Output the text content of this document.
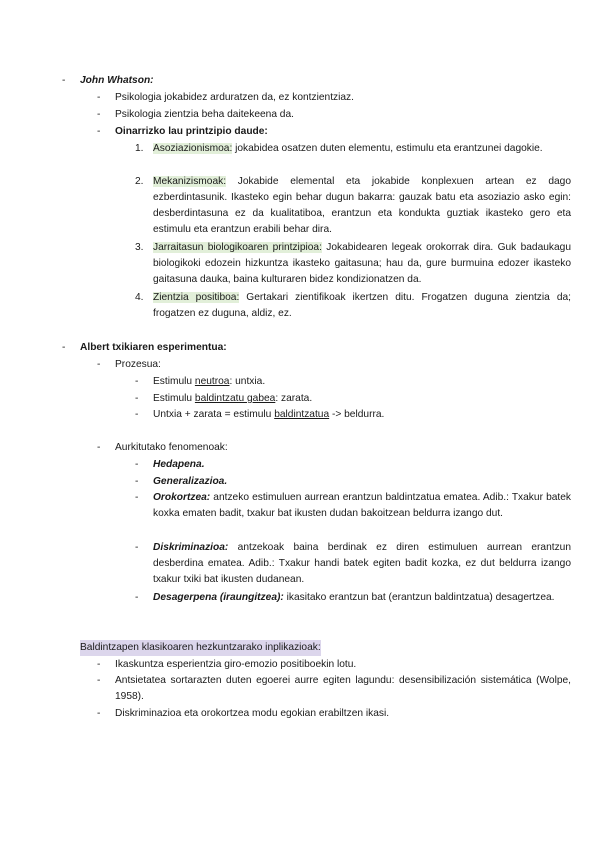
- John Whatson:
- Psikologia jokabidez arduratzen da, ez kontzientziaz.
- Psikologia zientzia beha daitekeena da.
- Oinarrizko lau printzipio daude:
1. Asoziazionismoa: jokabidea osatzen duten elementu, estimulu eta erantzunei dagokie.
2. Mekanizismoak: Jokabide elemental eta jokabide konplexuen artean ez dago ezberdintasunik. Ikasteko egin behar dugun bakarra: gauzak batu eta asoziazio asko egin: desberdintasuna ez da kualitatiboa, erantzun eta kondukta guztiak ikasteko gero eta estimulu eta erantzun erabili behar dira.
3. Jarraitasun biologikoaren printzipioa: Jokabidearen legeak orokorrak dira. Guk badaukagu biologikoki edozein hizkuntza ikasteko gaitasuna; hau da, gure burmuina edozer ikasteko gaitasuna dauka, baina kulturaren bidez kondizionatzen da.
4. Zientzia positiboa: Gertakari zientifikoak ikertzen ditu. Frogatzen duguna zientzia da; frogatzen ez duguna, aldiz, ez.
- Albert txikiaren esperimentua:
- Prozesua:
- Estimulu neutroa: untxia.
- Estimulu baldintzatu gabea: zarata.
- Untxia + zarata = estimulu baldintzatua -> beldurra.
- Aurkitutako fenomenoak:
- Hedapena.
- Generalizazioa.
- Orokortzea: antzeko estimuluen aurrean erantzun baldintzatua ematea. Adib.: Txakur batek koxka ematen badit, txakur bat ikusten dudan bakoitzean beldurra izango dut.
- Diskriminazioa: antzekoak baina berdinak ez diren estimuluen aurrean erantzun desberdina ematea. Adib.: Txakur handi batek egiten badit kozka, ez dut beldurra izango txakur txiki bat ikusten dudanean.
- Desagerpena (iraungitzea): ikasitako erantzun bat (erantzun baldintzatua) desagertzea.
Baldintzapen klasikoaren hezkuntzarako inplikazioak:
- Ikaskuntza esperientzia giro-emozio positiboekin lotu.
- Antsietatea sortarazten duten egoerei aurre egiten lagundu: desensibilización sistemática (Wolpe, 1958).
- Diskriminazioa eta orokortzea modu egokian erabiltzen ikasi.
